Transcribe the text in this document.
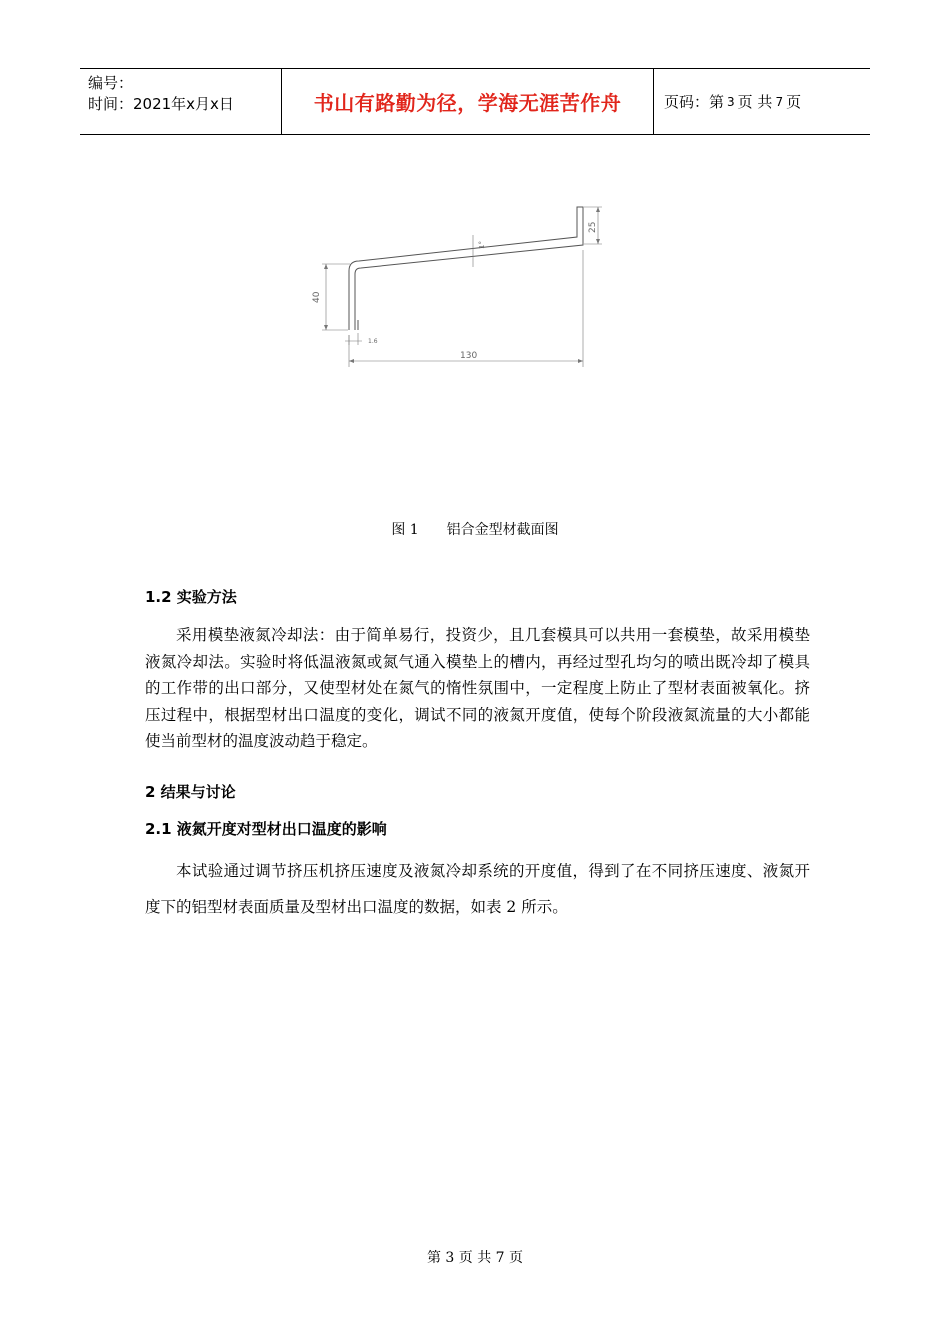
编号：
时间：2021年x月x日	书山有路勤为径，学海无涯苦作舟	页码：第 3 页 共 7 页
130
40
25
1°
1.6
图 1 铝合金型材截面图
1.2 实验方法

采用模垫液氮冷却法：由于简单易行，投资少，且几套模具可以共用一套模垫，故采用模垫液氮冷却法。实验时将低温液氮或氮气通入模垫上的槽内，再经过型孔均匀的喷出既冷却了模具的工作带的出口部分，又使型材处在氮气的惰性氛围中，一定程度上防止了型材表面被氧化。挤压过程中，根据型材出口温度的变化，调试不同的液氮开度值，使每个阶段液氮流量的大小都能使当前型材的温度波动趋于稳定。

2 结果与讨论
2.1 液氮开度对型材出口温度的影响

本试验通过调节挤压机挤压速度及液氮冷却系统的开度值，得到了在不同挤压速度、液氮开度下的铝型材表面质量及型材出口温度的数据，如表 2 所示。

第 3 页 共 7 页
